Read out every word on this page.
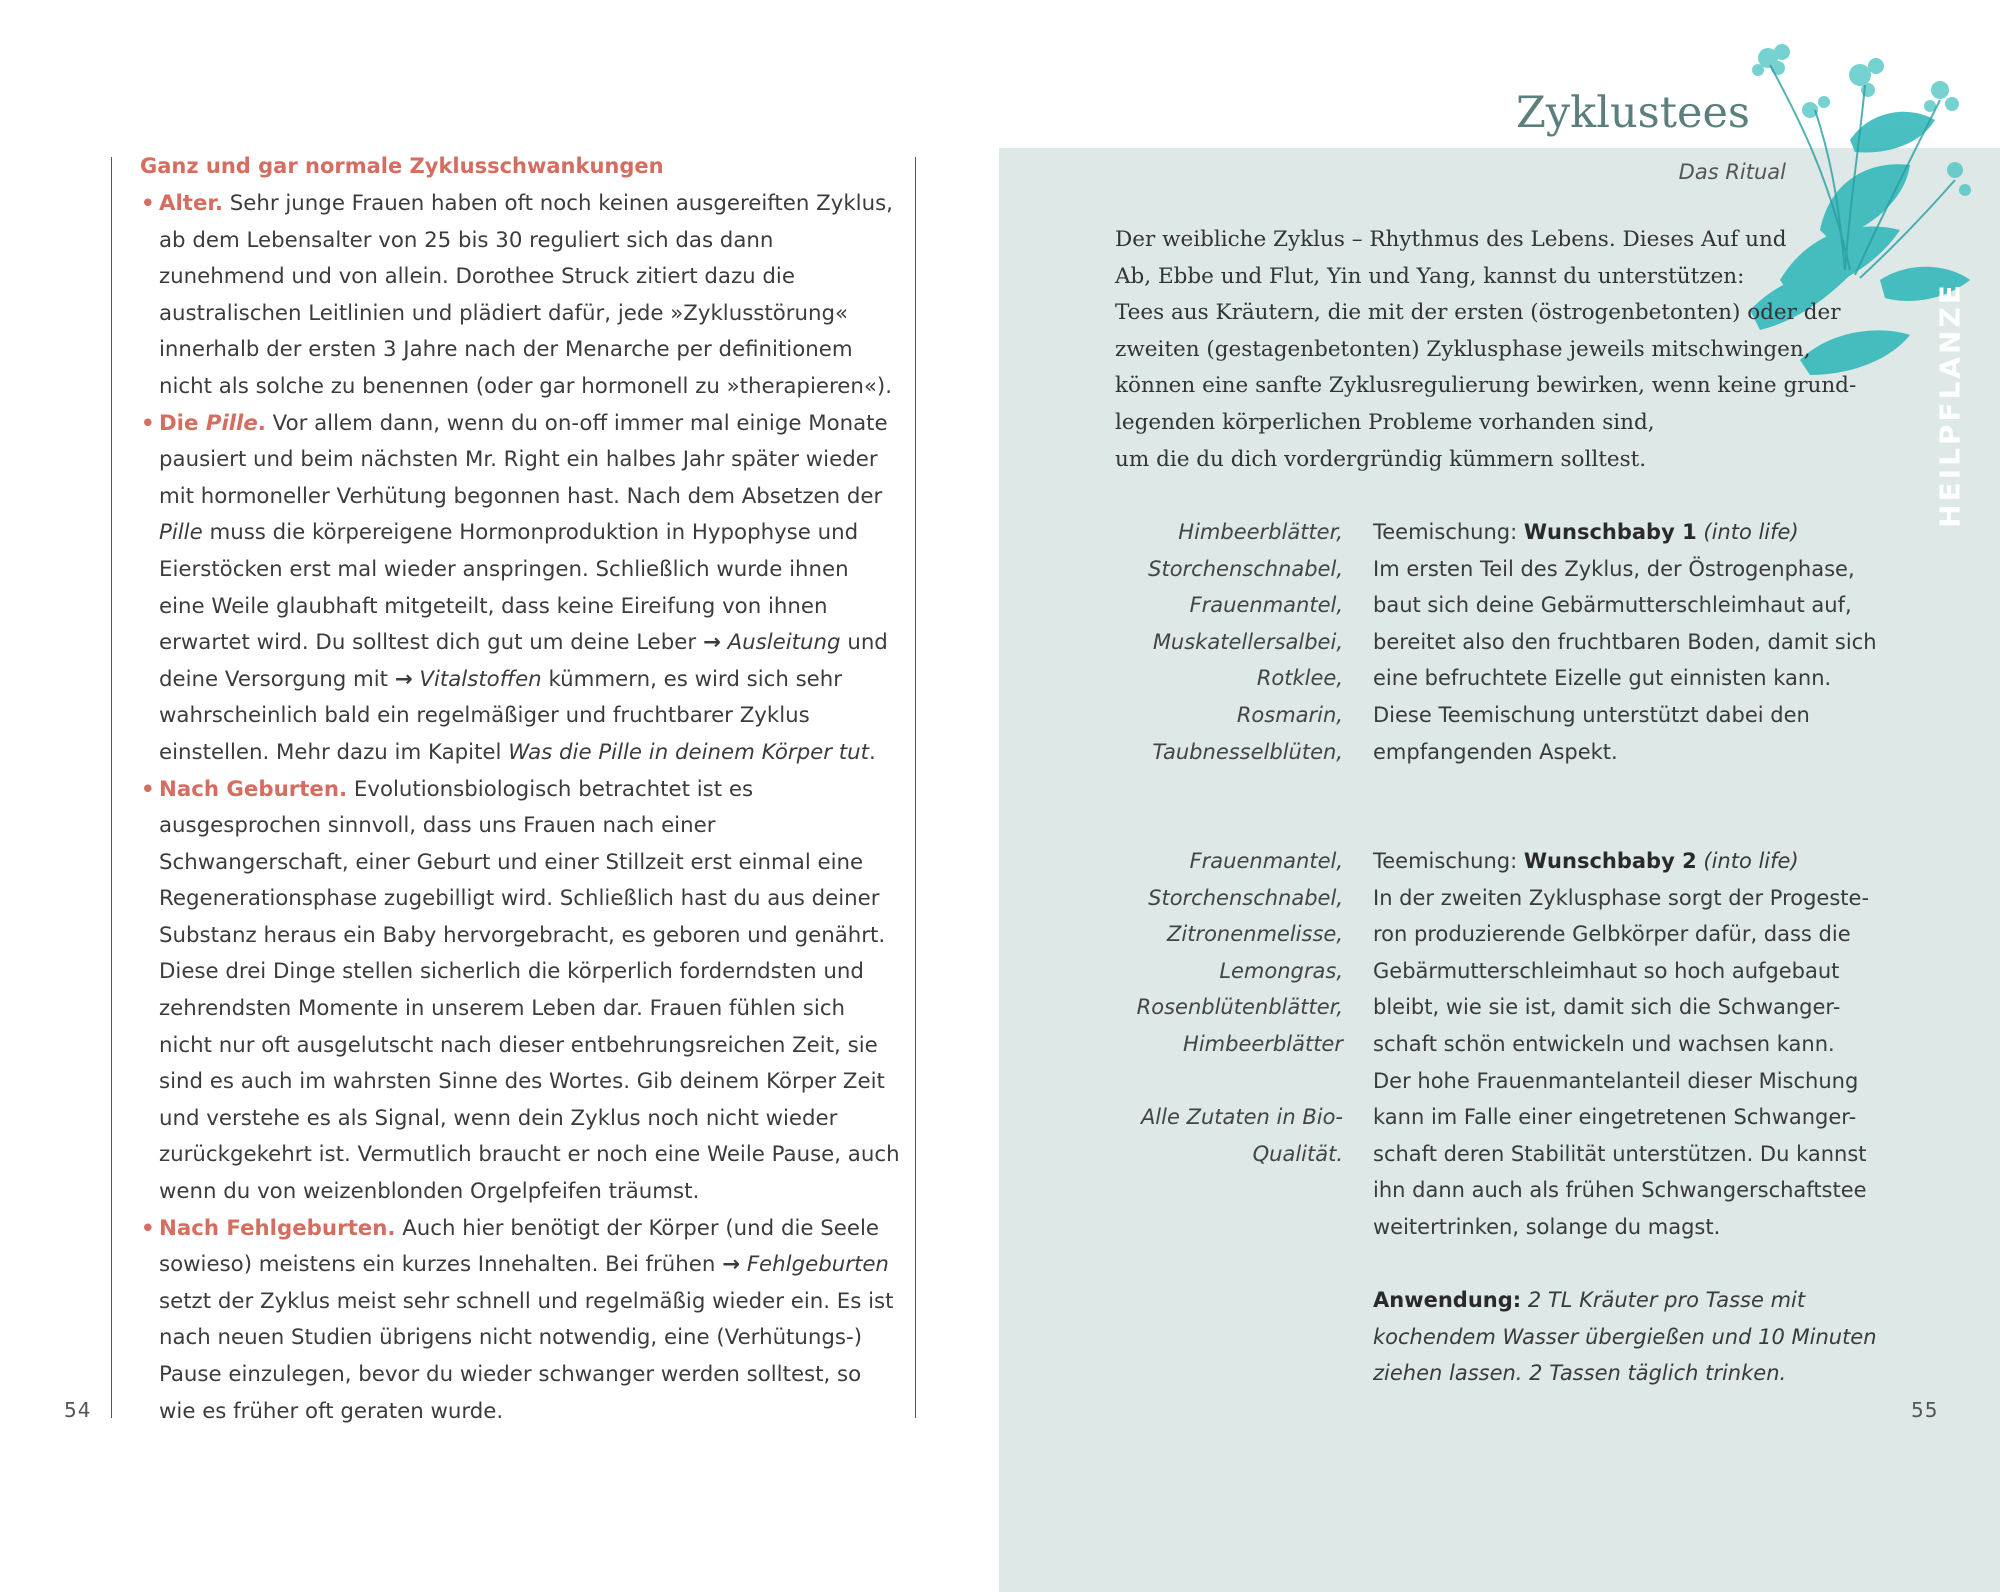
54
Ganz und gar normale Zyklusschwankungen
• Alter. Sehr junge Frauen haben oft noch keinen ausgereiften Zyklus, ab dem Lebensalter von 25 bis 30 reguliert sich das dann zunehmend und von allein. Dorothee Struck zitiert dazu die australischen Leitlinien und plädiert dafür, jede »Zyklusstörung« innerhalb der ersten 3 Jahre nach der Menarche per definitionem nicht als solche zu benennen (oder gar hormonell zu »therapieren«).
• Die Pille. Vor allem dann, wenn du on-off immer mal einige Monate pausiert und beim nächsten Mr. Right ein halbes Jahr später wieder mit hormoneller Verhütung begonnen hast. Nach dem Absetzen der Pille muss die körpereigene Hormonproduktion in Hypophyse und Eierstöcken erst mal wieder anspringen. Schließlich wurde ihnen eine Weile glaubhaft mitgeteilt, dass keine Eireifung von ihnen erwartet wird. Du solltest dich gut um deine Leber → Ausleitung und deine Versorgung mit → Vitalstoffen kümmern, es wird sich sehr wahrscheinlich bald ein regelmäßiger und fruchtbarer Zyklus einstellen. Mehr dazu im Kapitel Was die Pille in deinem Körper tut.
• Nach Geburten. Evolutionsbiologisch betrachtet ist es ausgesprochen sinnvoll, dass uns Frauen nach einer Schwangerschaft, einer Geburt und einer Stillzeit erst einmal eine Regenerationsphase zugebilligt wird. Schließlich hast du aus deiner Substanz heraus ein Baby hervorgebracht, es geboren und genährt. Diese drei Dinge stellen sicherlich die körperlich forderndsten und zehrendsten Momente in unserem Leben dar. Frauen fühlen sich nicht nur oft ausgelutscht nach dieser entbehrungsreichen Zeit, sie sind es auch im wahrsten Sinne des Wortes. Gib deinem Körper Zeit und verstehe es als Signal, wenn dein Zyklus noch nicht wieder zurückgekehrt ist. Vermutlich braucht er noch eine Weile Pause, auch wenn du von weizenblonden Orgelpfeifen träumst.
• Nach Fehlgeburten. Auch hier benötigt der Körper (und die Seele sowieso) meistens ein kurzes Innehalten. Bei frühen → Fehlgeburten setzt der Zyklus meist sehr schnell und regelmäßig wieder ein. Es ist nach neuen Studien übrigens nicht notwendig, eine (Verhütungs-) Pause einzulegen, bevor du wieder schwanger werden solltest, so wie es früher oft geraten wurde.
Zyklustees
Das Ritual
HEILPFLANZE
Der weibliche Zyklus – Rhythmus des Lebens. Dieses Auf und
Ab, Ebbe und Flut, Yin und Yang, kannst du unterstützen:
Tees aus Kräutern, die mit der ersten (östrogenbetonten) oder der
zweiten (gestagenbetonten) Zyklusphase jeweils mitschwingen,
können eine sanfte Zyklusregulierung bewirken, wenn keine grund-
legenden körperlichen Probleme vorhanden sind,
um die du dich vordergründig kümmern solltest.
Himbeerblätter,
Storchenschnabel,
Frauenmantel,
Muskatellersalbei,
Rotklee,
Rosmarin,
Taubnesselblüten,
Teemischung: Wunschbaby 1 (into life)
Im ersten Teil des Zyklus, der Östrogenphase,
baut sich deine Gebärmutterschleimhaut auf,
bereitet also den fruchtbaren Boden, damit sich
eine befruchtete Eizelle gut einnisten kann.
Diese Teemischung unterstützt dabei den
empfangenden Aspekt.
Frauenmantel,
Storchenschnabel,
Zitronenmelisse,
Lemongras,
Rosenblütenblätter,
Himbeerblätter

Alle Zutaten in Bio-
Qualität.
Teemischung: Wunschbaby 2 (into life)
In der zweiten Zyklusphase sorgt der Progeste-
ron produzierende Gelbkörper dafür, dass die
Gebärmutterschleimhaut so hoch aufgebaut
bleibt, wie sie ist, damit sich die Schwanger-
schaft schön entwickeln und wachsen kann.
Der hohe Frauenmantelanteil dieser Mischung
kann im Falle einer eingetretenen Schwanger-
schaft deren Stabilität unterstützen. Du kannst
ihn dann auch als frühen Schwangerschaftstee
weitertrinken, solange du magst.

Anwendung: 2 TL Kräuter pro Tasse mit
kochendem Wasser übergießen und 10 Minuten
ziehen lassen. 2 Tassen täglich trinken.
55
